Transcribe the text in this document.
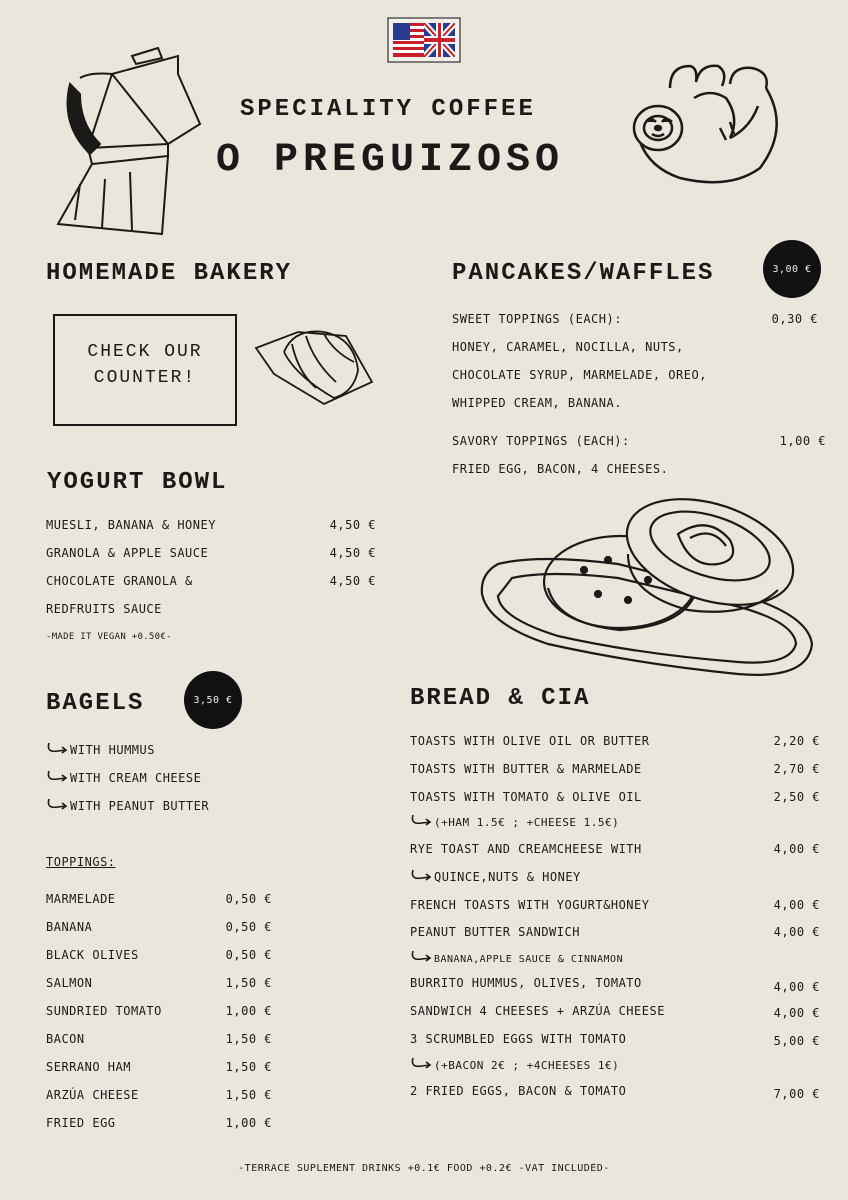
SPECIALITY COFFEE
O PREGUIZOSO
HOMEMADE BAKERY
CHECK OUR
COUNTER!
YOGURT BOWL
MUESLI, BANANA & HONEY	4,50 €
GRANOLA & APPLE SAUCE	4,50 €
CHOCOLATE GRANOLA &	4,50 €
REDFRUITS SAUCE
-MADE IT VEGAN +0.50€-
BAGELS	3,50 €
WITH HUMMUS
WITH CREAM CHEESE
WITH PEANUT BUTTER
TOPPINGS:
MARMELADE	0,50 €
BANANA	0,50 €
BLACK OLIVES	0,50 €
SALMON	1,50 €
SUNDRIED TOMATO	1,00 €
BACON	1,50 €
SERRANO HAM	1,50 €
ARZÚA CHEESE	1,50 €
FRIED EGG	1,00 €
PANCAKES/WAFFLES	3,00 €
SWEET TOPPINGS (EACH):	0,30 €
HONEY, CARAMEL, NOCILLA, NUTS,
CHOCOLATE SYRUP, MARMELADE, OREO,
WHIPPED CREAM, BANANA.
SAVORY TOPPINGS (EACH):	1,00 €
FRIED EGG, BACON, 4 CHEESES.
BREAD & CIA
TOASTS WITH OLIVE OIL OR BUTTER	2,20 €
TOASTS WITH BUTTER & MARMELADE	2,70 €
TOASTS WITH TOMATO & OLIVE OIL	2,50 €
(+HAM 1.5€ ; +CHEESE 1.5€)
RYE TOAST AND CREAMCHEESE WITH	4,00 €
QUINCE,NUTS & HONEY
FRENCH TOASTS WITH YOGURT&HONEY	4,00 €
PEANUT BUTTER SANDWICH	4,00 €
BANANA,APPLE SAUCE & CINNAMON
BURRITO HUMMUS, OLIVES, TOMATO	4,00 €
SANDWICH 4 CHEESES + ARZÚA CHEESE	4,00 €
3 SCRUMBLED EGGS WITH TOMATO	5,00 €
(+BACON 2€ ; +4CHEESES 1€)
2 FRIED EGGS, BACON & TOMATO	7,00 €
-TERRACE SUPLEMENT DRINKS +0.1€ FOOD +0.2€ -VAT INCLUDED-
